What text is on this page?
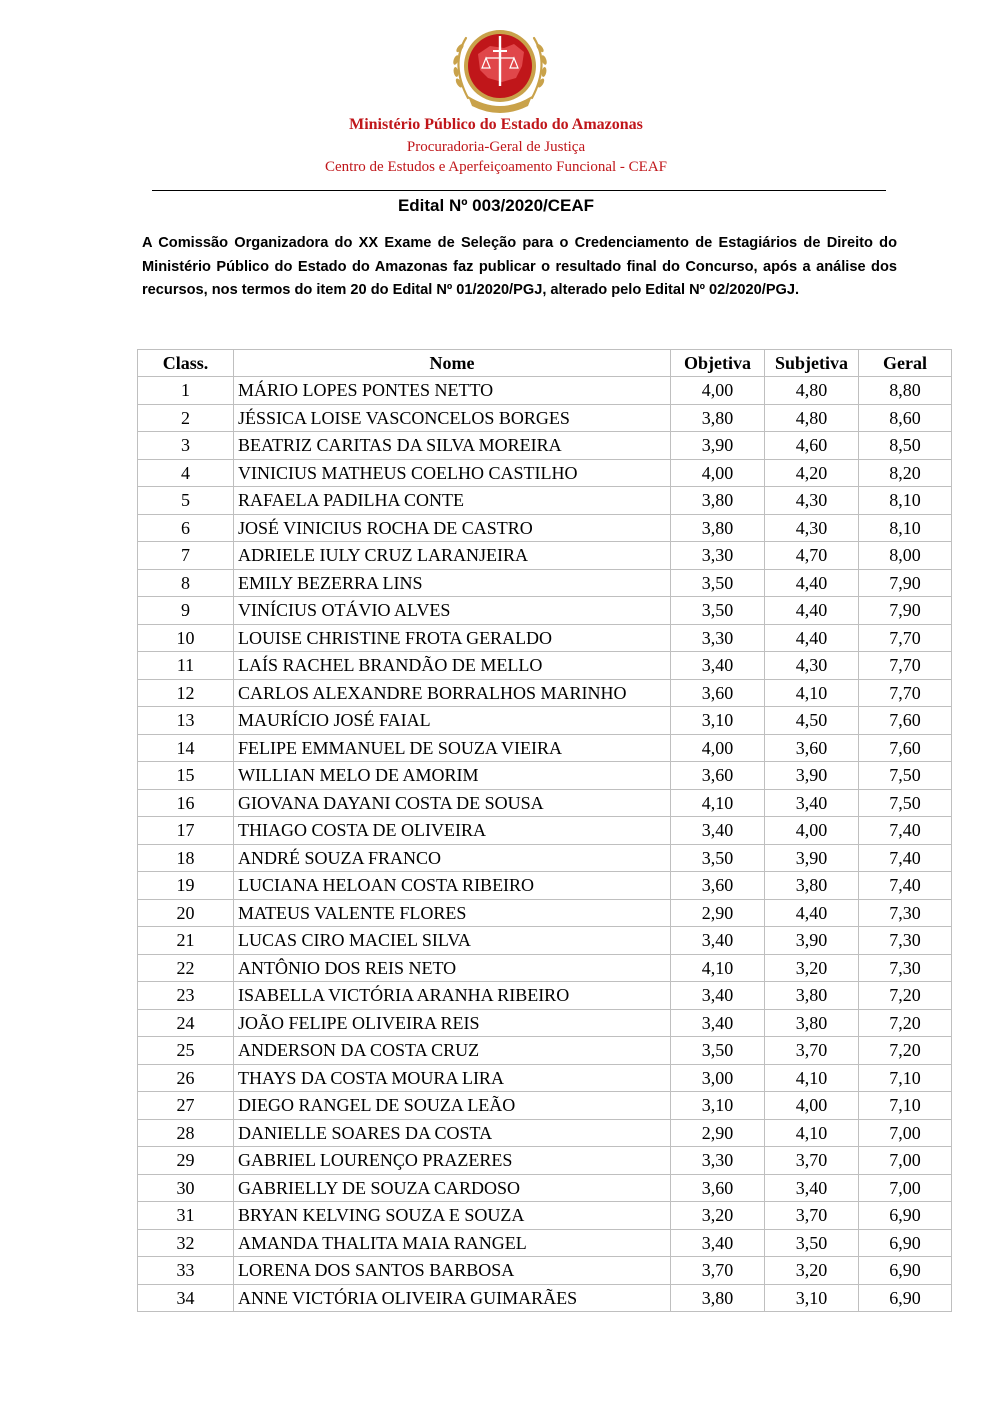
Ministério Público do Estado do Amazonas
Procuradoria-Geral de Justiça
Centro de Estudos e Aperfeiçoamento Funcional - CEAF
Edital Nº 003/2020/CEAF
A Comissão Organizadora do XX Exame de Seleção para o Credenciamento de Estagiários de Direito do Ministério Público do Estado do Amazonas faz publicar o resultado final do Concurso, após a análise dos recursos, nos termos do item 20 do Edital Nº 01/2020/PGJ, alterado pelo Edital Nº 02/2020/PGJ.
Class.	Nome	Objetiva	Subjetiva	Geral
1	MÁRIO LOPES PONTES NETTO	4,00	4,80	8,80
2	JÉSSICA LOISE VASCONCELOS BORGES	3,80	4,80	8,60
3	BEATRIZ CARITAS DA SILVA MOREIRA	3,90	4,60	8,50
4	VINICIUS MATHEUS COELHO CASTILHO	4,00	4,20	8,20
5	RAFAELA PADILHA CONTE	3,80	4,30	8,10
6	JOSÉ VINICIUS ROCHA DE CASTRO	3,80	4,30	8,10
7	ADRIELE IULY CRUZ LARANJEIRA	3,30	4,70	8,00
8	EMILY BEZERRA LINS	3,50	4,40	7,90
9	VINÍCIUS OTÁVIO ALVES	3,50	4,40	7,90
10	LOUISE CHRISTINE FROTA GERALDO	3,30	4,40	7,70
11	LAÍS RACHEL BRANDÃO DE MELLO	3,40	4,30	7,70
12	CARLOS ALEXANDRE BORRALHOS MARINHO	3,60	4,10	7,70
13	MAURÍCIO JOSÉ FAIAL	3,10	4,50	7,60
14	FELIPE EMMANUEL DE SOUZA VIEIRA	4,00	3,60	7,60
15	WILLIAN MELO DE AMORIM	3,60	3,90	7,50
16	GIOVANA DAYANI COSTA DE SOUSA	4,10	3,40	7,50
17	THIAGO COSTA DE OLIVEIRA	3,40	4,00	7,40
18	ANDRÉ SOUZA FRANCO	3,50	3,90	7,40
19	LUCIANA HELOAN COSTA RIBEIRO	3,60	3,80	7,40
20	MATEUS VALENTE FLORES	2,90	4,40	7,30
21	LUCAS CIRO MACIEL SILVA	3,40	3,90	7,30
22	ANTÔNIO DOS REIS NETO	4,10	3,20	7,30
23	ISABELLA VICTÓRIA ARANHA RIBEIRO	3,40	3,80	7,20
24	JOÃO FELIPE OLIVEIRA REIS	3,40	3,80	7,20
25	ANDERSON DA COSTA CRUZ	3,50	3,70	7,20
26	THAYS DA COSTA MOURA LIRA	3,00	4,10	7,10
27	DIEGO RANGEL DE SOUZA LEÃO	3,10	4,00	7,10
28	DANIELLE SOARES DA COSTA	2,90	4,10	7,00
29	GABRIEL LOURENÇO PRAZERES	3,30	3,70	7,00
30	GABRIELLY DE SOUZA CARDOSO	3,60	3,40	7,00
31	BRYAN KELVING SOUZA E SOUZA	3,20	3,70	6,90
32	AMANDA THALITA MAIA RANGEL	3,40	3,50	6,90
33	LORENA DOS SANTOS BARBOSA	3,70	3,20	6,90
34	ANNE VICTÓRIA OLIVEIRA GUIMARÃES	3,80	3,10	6,90
